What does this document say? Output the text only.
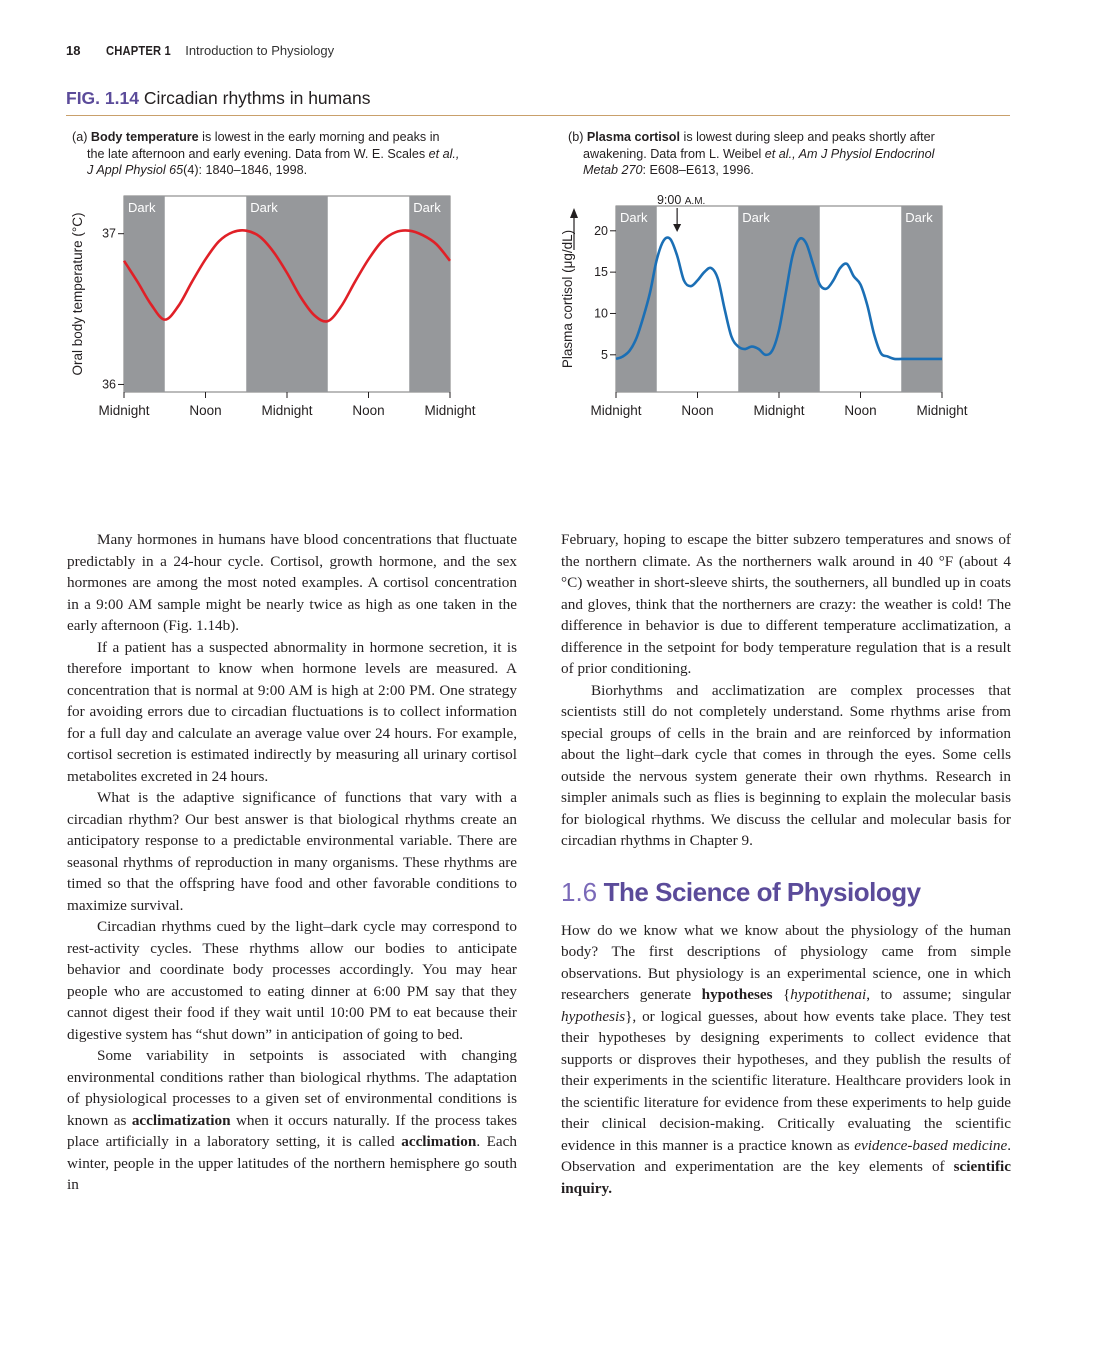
18 CHAPTER 1 Introduction to Physiology
FIG. 1.14 Circadian rhythms in humans
(a) Body temperature is lowest in the early morning and peaks in
the late afternoon and early evening. Data from W. E. Scales et al.,
J Appl Physiol 65(4): 1840–1846, 1998.
(b) Plasma cortisol is lowest during sleep and peaks shortly after
awakening. Data from L. Weibel et al., Am J Physiol Endocrinol
Metab 270: E608–E613, 1996.
Dark	Dark	Dark
36
37
Midnight	Noon	Midnight	Noon	Midnight
Oral body temperature (°C)	Dark	Dark	Dark
5
10
15
20
Midnight	Noon	Midnight	Noon	Midnight
9:00 A.M.
Plasma cortisol (μg/dL)

Many hormones in humans have blood concentrations that fluctuate predictably in a 24-hour cycle. Cortisol, growth hormone, and the sex hormones are among the most noted examples. A cortisol concentration in a 9:00 AM sample might be nearly twice as high as one taken in the early afternoon (Fig. 1.14b).

If a patient has a suspected abnormality in hormone secretion, it is therefore important to know when hormone levels are measured. A concentration that is normal at 9:00 AM is high at 2:00 PM. One strategy for avoiding errors due to circadian fluctuations is to collect information for a full day and calculate an average value over 24 hours. For example, cortisol secretion is estimated indirectly by measuring all urinary cortisol metabolites excreted in 24 hours.

What is the adaptive significance of functions that vary with a circadian rhythm? Our best answer is that biological rhythms create an anticipatory response to a predictable environmental variable. There are seasonal rhythms of reproduction in many organisms. These rhythms are timed so that the offspring have food and other favorable conditions to maximize survival.

Circadian rhythms cued by the light–dark cycle may correspond to rest-activity cycles. These rhythms allow our bodies to anticipate behavior and coordinate body processes accordingly. You may hear people who are accustomed to eating dinner at 6:00 PM say that they cannot digest their food if they wait until 10:00 PM to eat because their digestive system has “shut down” in anticipation of going to bed.

Some variability in setpoints is associated with changing environmental conditions rather than biological rhythms. The adaptation of physiological processes to a given set of environmental conditions is known as acclimatization when it occurs naturally. If the process takes place artificially in a laboratory setting, it is called acclimation. Each winter, people in the upper latitudes of the northern hemisphere go south in

February, hoping to escape the bitter subzero temperatures and snows of the northern climate. As the northerners walk around in 40 °F (about 4 °C) weather in short-sleeve shirts, the southerners, all bundled up in coats and gloves, think that the northerners are crazy: the weather is cold! The difference in behavior is due to different temperature acclimatization, a difference in the setpoint for body temperature regulation that is a result of prior conditioning.

Biorhythms and acclimatization are complex processes that scientists still do not completely understand. Some rhythms arise from special groups of cells in the brain and are reinforced by information about the light–dark cycle that comes in through the eyes. Some cells outside the nervous system generate their own rhythms. Research in simpler animals such as flies is beginning to explain the molecular basis for biological rhythms. We discuss the cellular and molecular basis for circadian rhythms in Chapter 9.

1.6 The Science of Physiology

How do we know what we know about the physiology of the human body? The first descriptions of physiology came from simple observations. But physiology is an experimental science, one in which researchers generate hypotheses {hypotithenai, to assume; singular hypothesis}, or logical guesses, about how events take place. They test their hypotheses by designing experiments to collect evidence that supports or disproves their hypotheses, and they publish the results of their experiments in the scientific literature. Healthcare providers look in the scientific literature for evidence from these experiments to help guide their clinical decision-making. Critically evaluating the scientific evidence in this manner is a practice known as evidence-based medicine. Observation and experimentation are the key elements of scientific inquiry.
